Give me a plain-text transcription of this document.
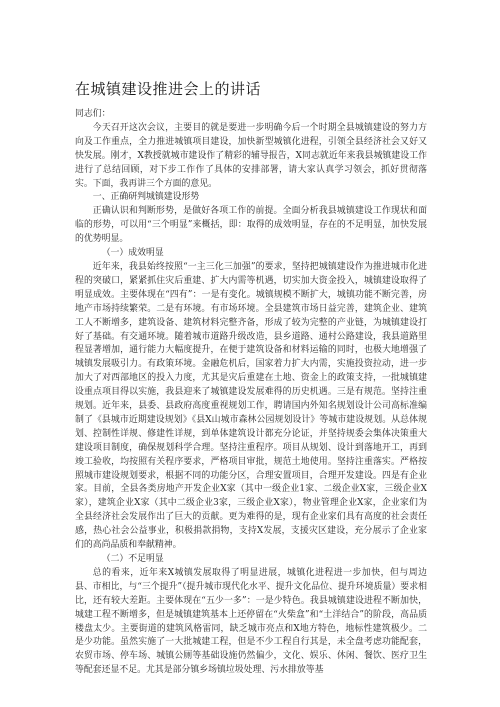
在城镇建设推进会上的讲话

同志们：

今天召开这次会议，主要目的就是要进一步明确今后一个时期全县城镇建设的努力方向及工作重点，全力推进城镇项目建设，加快新型城镇化进程，引领全县经济社会又好又快发展。刚才，X教授就城市建设作了精彩的辅导报告，X同志就近年来我县城镇建设工作进行了总结回顾，对下步工作作了具体的安排部署，请大家认真学习领会，抓好贯彻落实。下面，我再讲三个方面的意见。

一、正确研判城镇建设形势

正确认识和判断形势，是做好各项工作的前提。全面分析我县城镇建设工作现状和面临的形势，可以用“三个明显”来概括，即：取得的成效明显，存在的不足明显，加快发展的优势明显。

（一）成效明显

近年来，我县始终按照“一主三化三加强”的要求，坚持把城镇建设作为推进城市化进程的突破口，紧紧抓住灾后重建、扩大内需等机遇，切实加大资金投入，城镇建设取得了明显成效。主要体现在“四有”：一是有变化。城镇规模不断扩大，城镇功能不断完善，房地产市场持续繁荣。二是有环境。有市场环境。全县建筑市场日益完善，建筑企业、建筑工人不断增多，建筑设备、建筑材料完整齐备，形成了较为完整的产业链，为城镇建设打好了基础。有交通环境。随着城市道路升级改造，县乡道路、通村公路建设，我县道路里程显著增加，通行能力大幅度提升，在便于建筑设备和材料运输的同时，也极大地增强了城镇发展吸引力。有政策环境。金融危机后，国家着力扩大内需，实施投资拉动，进一步加大了对西部地区的投入力度，尤其是灾后重建在土地、资金上的政策支持，一批城镇建设重点项目得以实施，我县迎来了城镇建设发展难得的历史机遇。三是有规范。坚持注重规划。近年来，县委、县政府高度重视规划工作，聘请国内外知名规划设计公司高标准编制了《县城市近期建设规划》《县X山城市森林公园规划设计》等城市建设规划。从总体规划、控制性详规、修建性详规，到单体建筑设计都充分论证，并坚持规委会集体决策重大建设项目制度，确保规划科学合理。坚持注重程序。项目从规划、设计到落地开工，再到竣工验收，均按照有关程序要求，严格项目审批，规范土地使用。坚持注重落实。严格按照城市建设规划要求，根据不同的功能分区，合理安置项目，合理开发建设。四是有企业家。目前，全县各类房地产开发企业X家（其中一级企业1家、二级企业X家，三级企业X家），建筑企业X家（其中二级企业3家，三级企业X家），物业管理企业X家，企业家们为全县经济社会发展作出了巨大的贡献。更为难得的是，现有企业家们具有高度的社会责任感，热心社会公益事业，积极捐款捐物，支持X发展，支援灾区建设，充分展示了企业家们的高尚品质和奉献精神。

（二）不足明显

总的看来，近年来X城镇发展取得了明显进展，城镇化进程进一步加快，但与周边县、市相比，与“三个提升”（提升城市现代化水平、提升文化品位、提升环境质量）要求相比，还有较大差距。主要体现在“五少一多”：一是少特色。我县城镇建设进程不断加快，城建工程不断增多，但是城镇建筑基本上还停留在“火柴盒”和“土洋结合”的阶段，高品质楼盘太少。主要街道的建筑风格雷同，缺乏城市亮点和X地方特色，地标性建筑极少。二是少功能。虽然实施了一大批城建工程，但是不少工程自行其是，未全盘考虑功能配套，农贸市场、停车场、城镇公厕等基础设施仍然偏少，文化、娱乐、休闲、餐饮、医疗卫生等配套还显不足。尤其是部分镇乡场镇垃圾处理、污水排放等基
